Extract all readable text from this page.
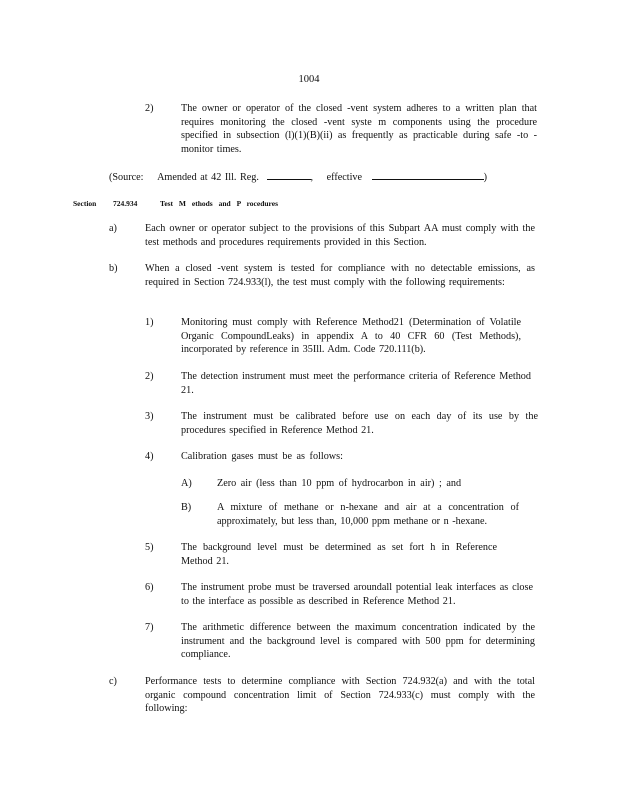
1004
2)	The owner or operator of the closed -vent system adheres to a written plan that requires monitoring the closed -vent syste m components using the procedure specified in subsection (l)(1)(B)(ii) as frequently as practicable during safe -to -monitor times.
(Source: Amended at 42 Ill. Reg.	, effective	)
Section 724.934	Test M ethods and P rocedures
a)	Each owner or operator subject to the provisions of this Subpart AA must comply with the test methods and procedures requirements provided in this Section.
b)	When a closed -vent system is tested for compliance with no detectable emissions, as required in Section 724.933(l), the test must comply with the following requirements:
1)	Monitoring must comply with Reference Method21 (Determination of Volatile Organic CompoundLeaks) in appendix A to 40 CFR 60 (Test Methods), incorporated by reference in 35Ill. Adm. Code 720.111(b).
2)	The detection instrument must meet the performance criteria of Reference Method 21.
3)	The instrument must be calibrated before use on each day of its use by the procedures specified in Reference Method 21.
4)	Calibration gases must be as follows:
A) Zero air (less than 10 ppm of hydrocarbon in air) ; and
B)	A mixture of methane or n-hexane and air at a concentration of approximately, but less than, 10,000 ppm methane or n -hexane.
5)	The background level must be determined as set fort h in Reference Method 21.
6)	The instrument probe must be traversed aroundall potential leak interfaces as close to the interface as possible as described in Reference Method 21.
7)	The arithmetic difference between the maximum concentration indicated by the instrument and the background level is compared with 500 ppm for determining compliance.
c)	Performance tests to determine compliance with Section 724.932(a) and with the total organic compound concentration limit of Section 724.933(c) must comply with the following:
